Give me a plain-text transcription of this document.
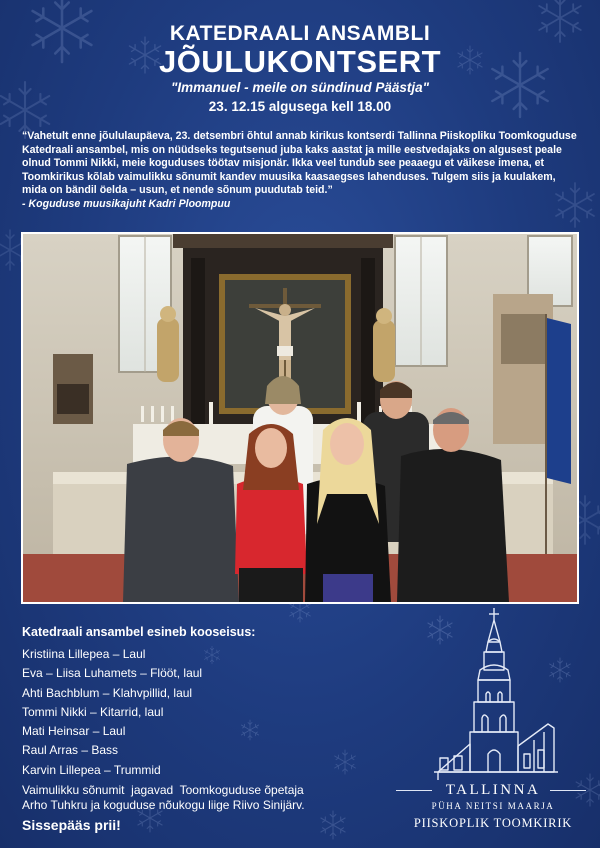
KATEDRAALI ANSAMBLI
JÕULUKONTSERT
"Immanuel - meile on sündinud Päästja"
23. 12.15 algusega kell 18.00
“Vahetult enne jõululaupäeva, 23. detsembri õhtul annab kirikus kontserdi Tallinna Piiskopliku Toomkoguduse Katedraali ansambel, mis on nüüdseks tegutsenud juba kaks aastat ja mille eestvedajaks on algusest peale olnud Tommi Nikki, meie koguduses töötav misjonär. Ikka veel tundub see peaaegu et väikese imena, et Toomkirikus kõlab vaimulikku sõnumit kandev muusika kaasaegses lahenduses. Tulgem siis ja kuulakem, mida on bändil öelda – usun, et nende sõnum puudutab teid.”
- Koguduse muusikajuht Kadri Ploompuu
Katedraali ansambel esineb kooseisus:
Kristiina Lillepea – Laul
Eva – Liisa Luhamets – Flööt, laul
Ahti Bachblum – Klahvpillid, laul
Tommi Nikki – Kitarrid, laul
Mati Heinsar – Laul
Raul Arras – Bass
Karvin Lillepea – Trummid
Vaimulikku sõnumit  jagavad  Toomkoguduse õpetaja
Arho Tuhkru ja koguduse nõukogu liige Riivo Sinijärv.
Sissepääs prii!
TALLINNA
PÜHA NEITSI MAARJA
PIISKOPLIK TOOMKIRIK
